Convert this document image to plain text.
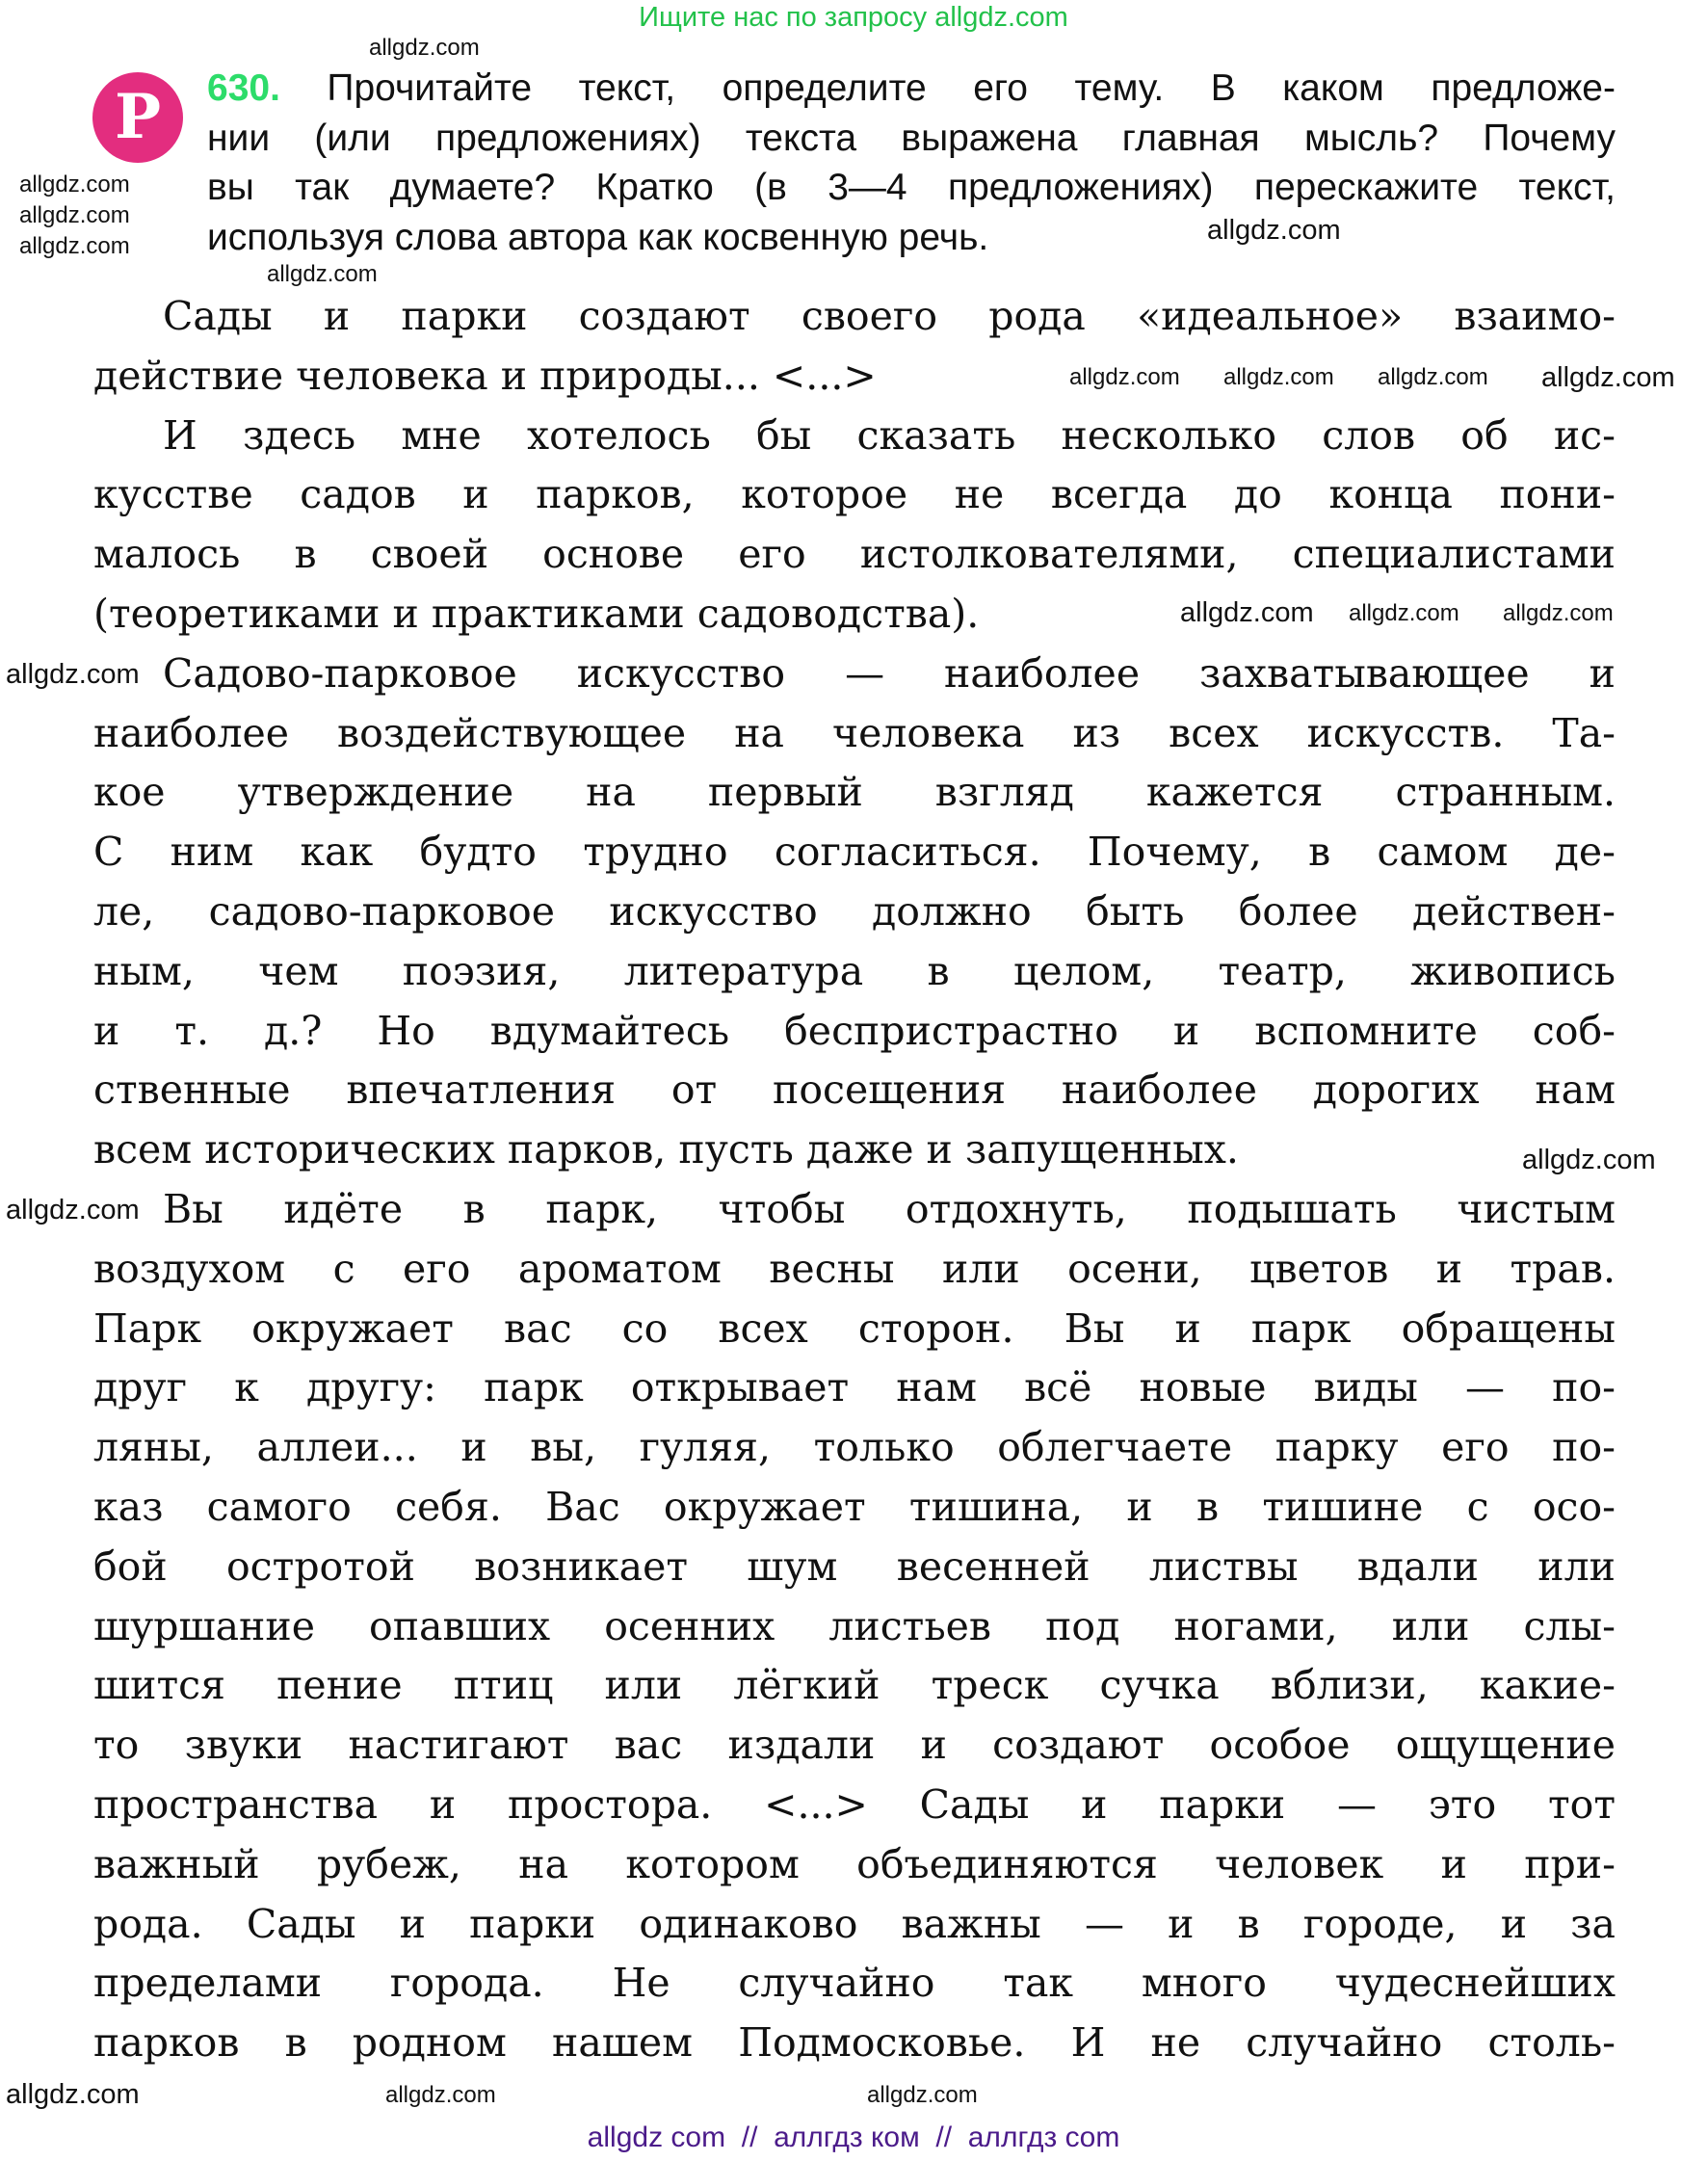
Ищите нас по запросу allgdz.com
Р	630. Прочитайте текст, определите его тему. В каком предложе-
нии (или предложениях) текста выражена главная мысль? Почему
вы так думаете? Кратко (в 3—4 предложениях) перескажите текст,
используя слова автора как косвенную речь.
Сады и парки создают своего рода «идеальное» взаимо-
действие человека и природы... <...>
И здесь мне хотелось бы сказать несколько слов об ис-
кусстве садов и парков, которое не всегда до конца пони-
малось в своей основе его истолкователями, специалистами
(теоретиками и практиками садоводства).
Садово-парковое искусство — наиболее захватывающее и
наиболее воздействующее на человека из всех искусств. Та-
кое утверждение на первый взгляд кажется странным.
С ним как будто трудно согласиться. Почему, в самом де-
ле, садово-парковое искусство должно быть более действен-
ным, чем поэзия, литература в целом, театр, живопись
и т. д.? Но вдумайтесь беспристрастно и вспомните соб-
ственные впечатления от посещения наиболее дорогих нам
всем исторических парков, пусть даже и запущенных.
Вы идёте в парк, чтобы отдохнуть, подышать чистым
воздухом с его ароматом весны или осени, цветов и трав.
Парк окружает вас со всех сторон. Вы и парк обращены
друг к другу: парк открывает нам всё новые виды — по-
ляны, аллеи... и вы, гуляя, только облегчаете парку его по-
каз самого себя. Вас окружает тишина, и в тишине с осо-
бой остротой возникает шум весенней листвы вдали или
шуршание опавших осенних листьев под ногами, или слы-
шится пение птиц или лёгкий треск сучка вблизи, какие-
то звуки настигают вас издали и создают особое ощущение
пространства и простора. <...> Сады и парки — это тот
важный рубеж, на котором объединяются человек и при-
рода. Сады и парки одинаково важны — и в городе, и за
пределами города. Не случайно так много чудеснейших
парков в родном нашем Подмосковье. И не случайно столь-
allgdz.com
allgdz.com
allgdz.com
allgdz.com
allgdz.com
allgdz.com
allgdz.com allgdz.com allgdz.com allgdz.com
allgdz.com allgdz.com allgdz.com
allgdz.com
allgdz.com
allgdz.com
allgdz.com	allgdz.com	allgdz.com
allgdz com  //  аллгдз ком  //  аллгдз com
